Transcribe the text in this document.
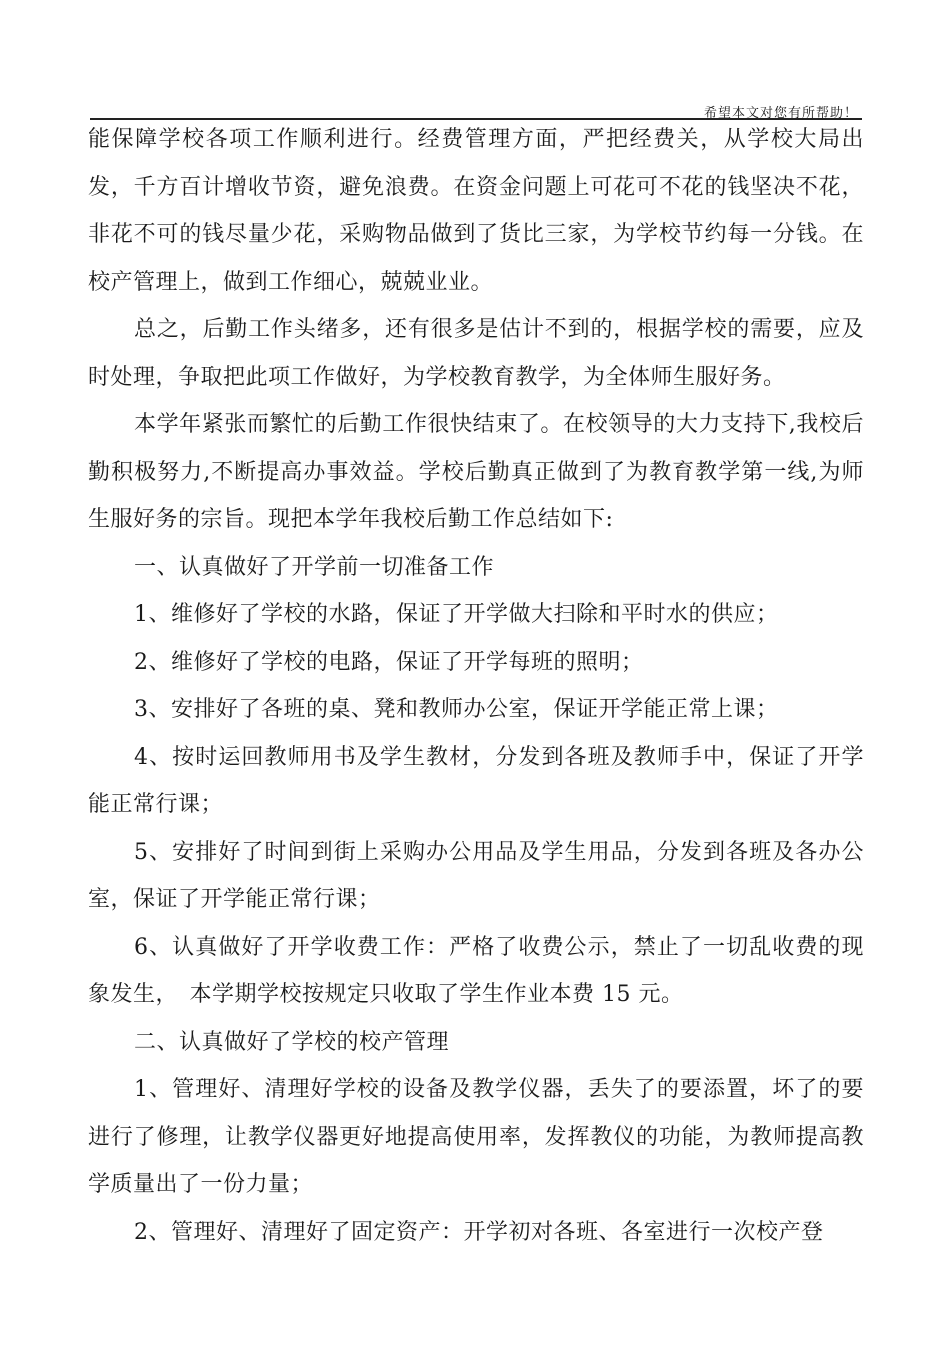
希望本文对您有所帮助！

能保障学校各项工作顺利进行。经费管理方面，严把经费关，从学校大局出发，千方百计增收节资，避免浪费。在资金问题上可花可不花的钱坚决不花，非花不可的钱尽量少花，采购物品做到了货比三家，为学校节约每一分钱。在校产管理上，做到工作细心，兢兢业业。

总之，后勤工作头绪多，还有很多是估计不到的，根据学校的需要，应及时处理，争取把此项工作做好，为学校教育教学，为全体师生服好务。

本学年紧张而繁忙的后勤工作很快结束了。在校领导的大力支持下,我校后勤积极努力,不断提高办事效益。学校后勤真正做到了为教育教学第一线,为师生服好务的宗旨。现把本学年我校后勤工作总结如下:

一、认真做好了开学前一切准备工作

1、维修好了学校的水路，保证了开学做大扫除和平时水的供应；

2、维修好了学校的电路，保证了开学每班的照明；

3、安排好了各班的桌、凳和教师办公室，保证开学能正常上课；

4、按时运回教师用书及学生教材，分发到各班及教师手中，保证了开学能正常行课；

5、安排好了时间到街上采购办公用品及学生用品，分发到各班及各办公室，保证了开学能正常行课；

6、认真做好了开学收费工作：严格了收费公示，禁止了一切乱收费的现象发生，　本学期学校按规定只收取了学生作业本费 15 元。

二、认真做好了学校的校产管理

1、管理好、清理好学校的设备及教学仪器，丢失了的要添置，坏了的要进行了修理，让教学仪器更好地提高使用率，发挥教仪的功能，为教师提高教学质量出了一份力量；

2、管理好、清理好了固定资产：开学初对各班、各室进行一次校产登
